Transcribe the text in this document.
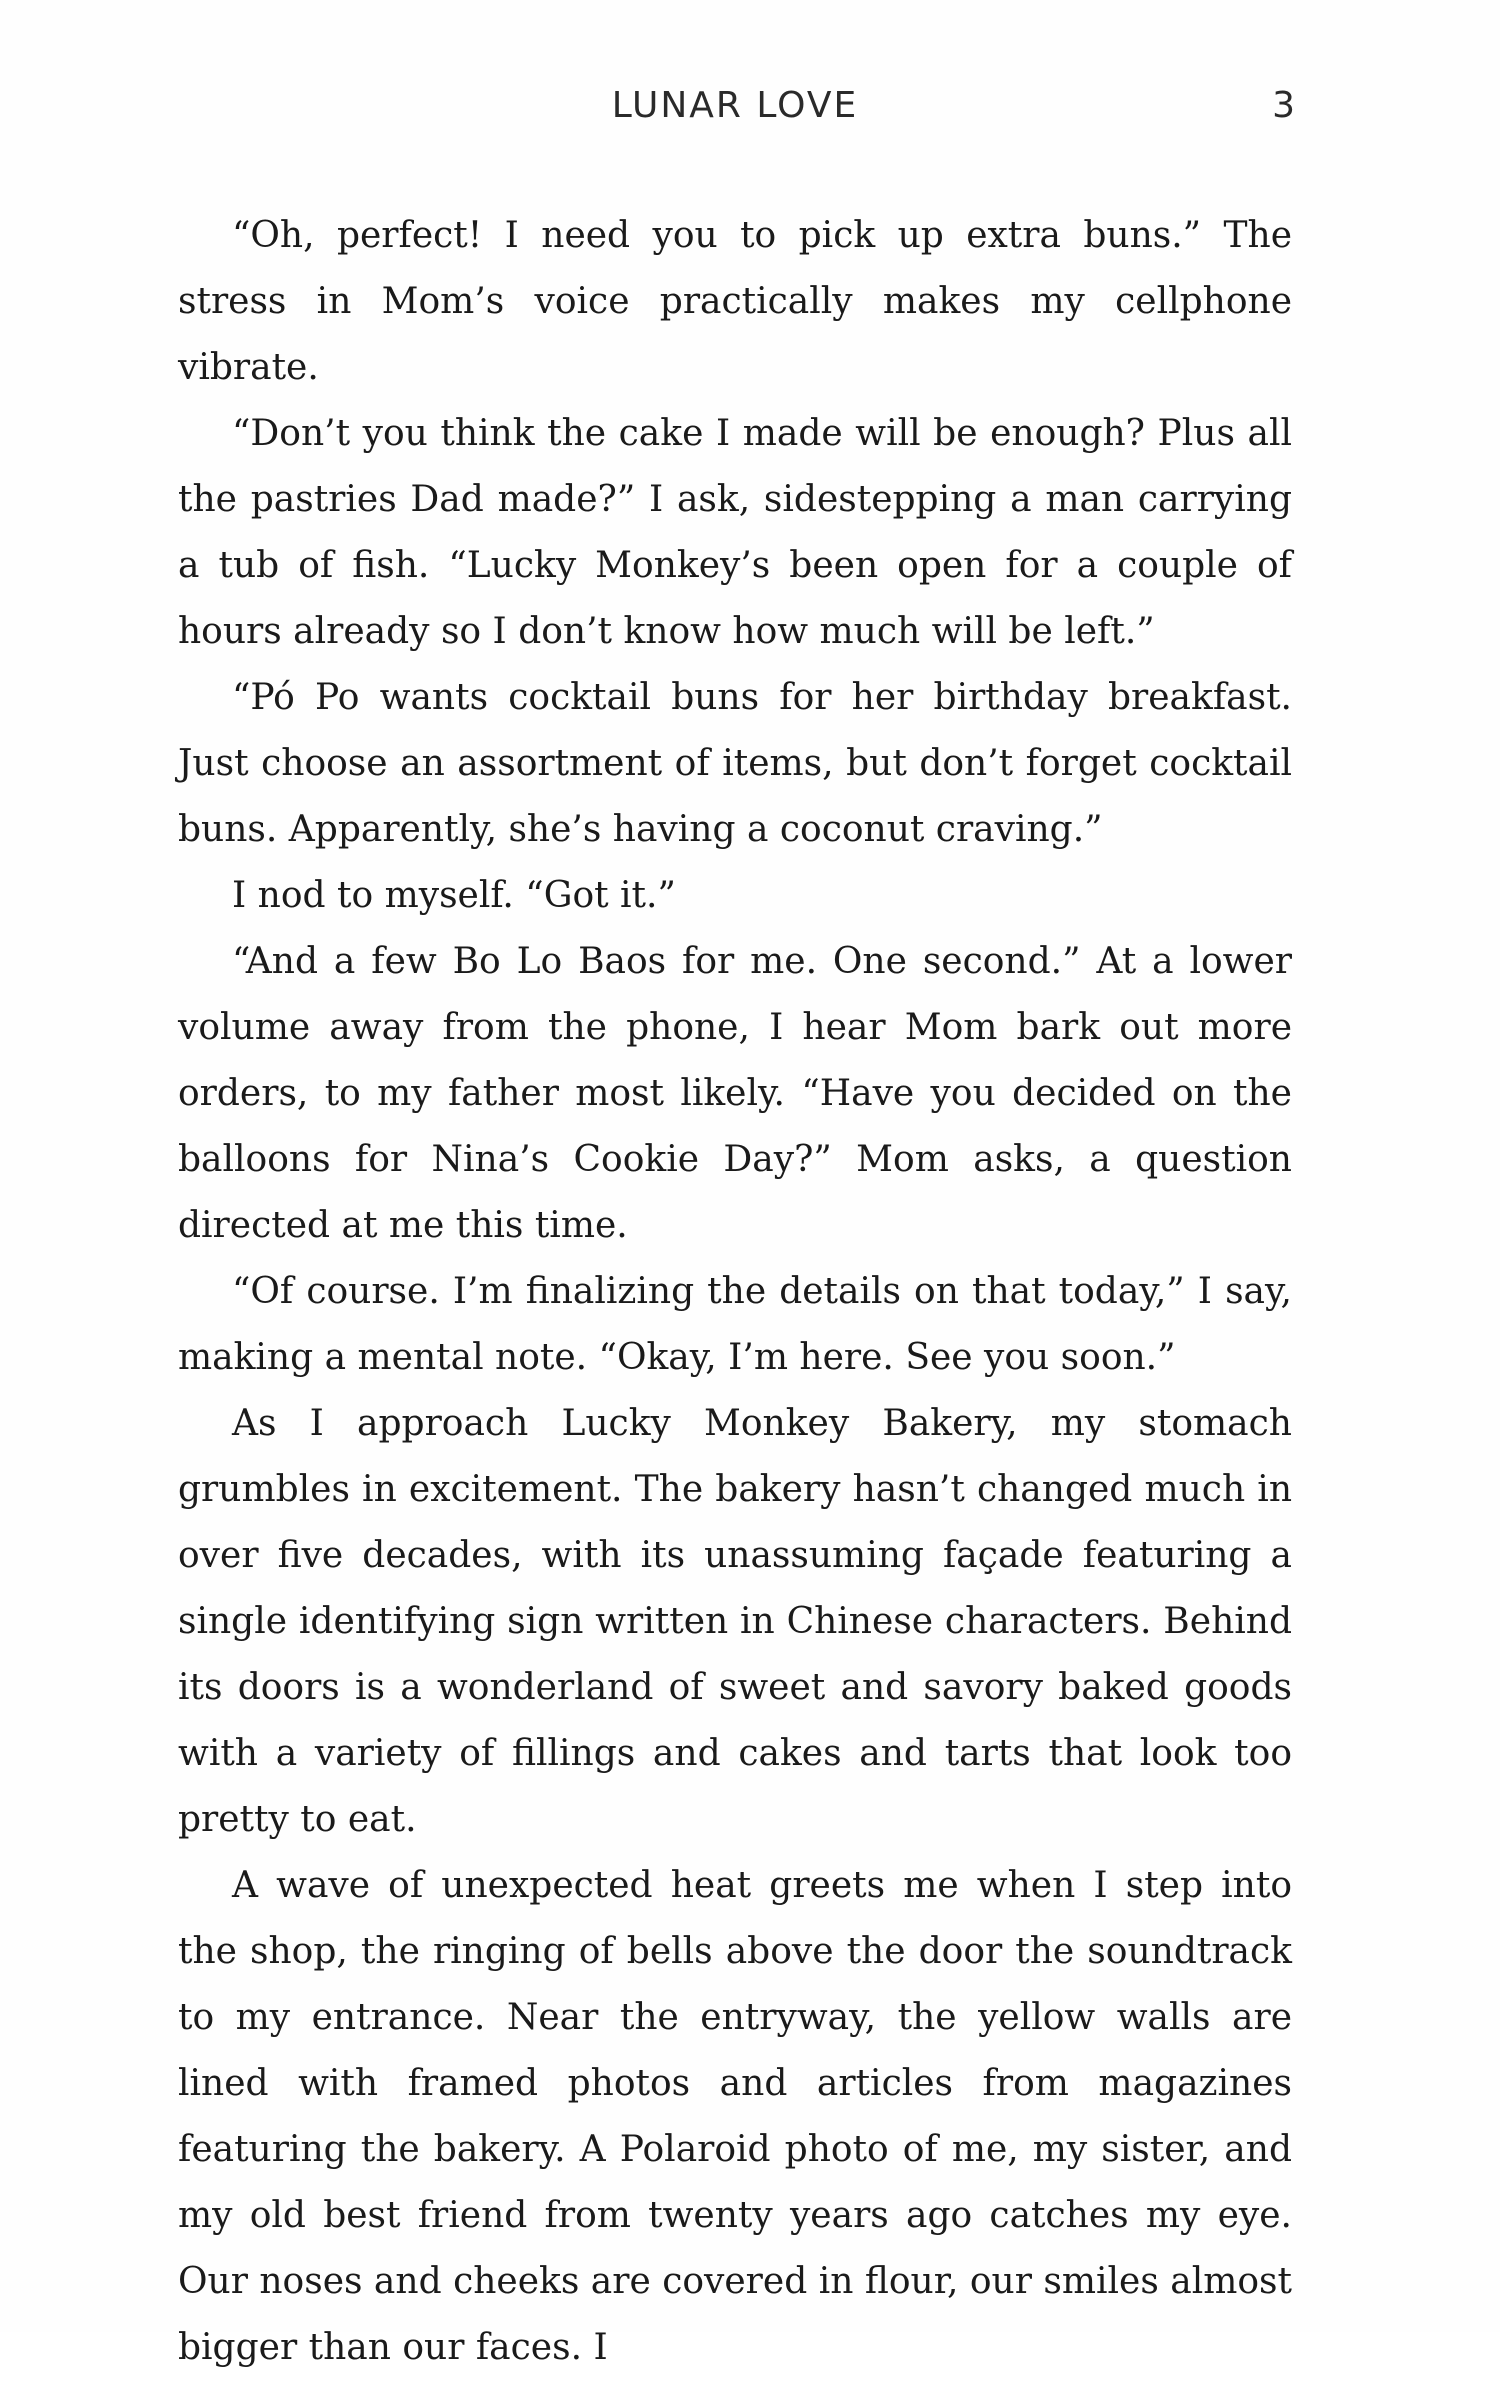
LUNAR LOVE	3

“Oh, perfect! I need you to pick up extra buns.” The stress in Mom’s voice practically makes my cellphone vibrate.

“Don’t you think the cake I made will be enough? Plus all the pastries Dad made?” I ask, sidestepping a man carrying a tub of fish. “Lucky Monkey’s been open for a couple of hours already so I don’t know how much will be left.”

“Pó Po wants cocktail buns for her birthday breakfast. Just choose an assortment of items, but don’t forget cocktail buns. Apparently, she’s having a coconut craving.”

I nod to myself. “Got it.”

“And a few Bo Lo Baos for me. One second.” At a lower volume away from the phone, I hear Mom bark out more orders, to my father most likely. “Have you decided on the balloons for Nina’s Cookie Day?” Mom asks, a question directed at me this time.

“Of course. I’m finalizing the details on that today,” I say, making a mental note. “Okay, I’m here. See you soon.”

As I approach Lucky Monkey Bakery, my stomach grumbles in excitement. The bakery hasn’t changed much in over five decades, with its unassuming façade featuring a single identifying sign written in Chinese characters. Behind its doors is a wonderland of sweet and savory baked goods with a variety of fillings and cakes and tarts that look too pretty to eat.

A wave of unexpected heat greets me when I step into the shop, the ringing of bells above the door the soundtrack to my entrance. Near the entryway, the yellow walls are lined with framed photos and articles from magazines featuring the bakery. A Polaroid photo of me, my sister, and my old best friend from twenty years ago catches my eye. Our noses and cheeks are covered in flour, our smiles almost bigger than our faces. I
